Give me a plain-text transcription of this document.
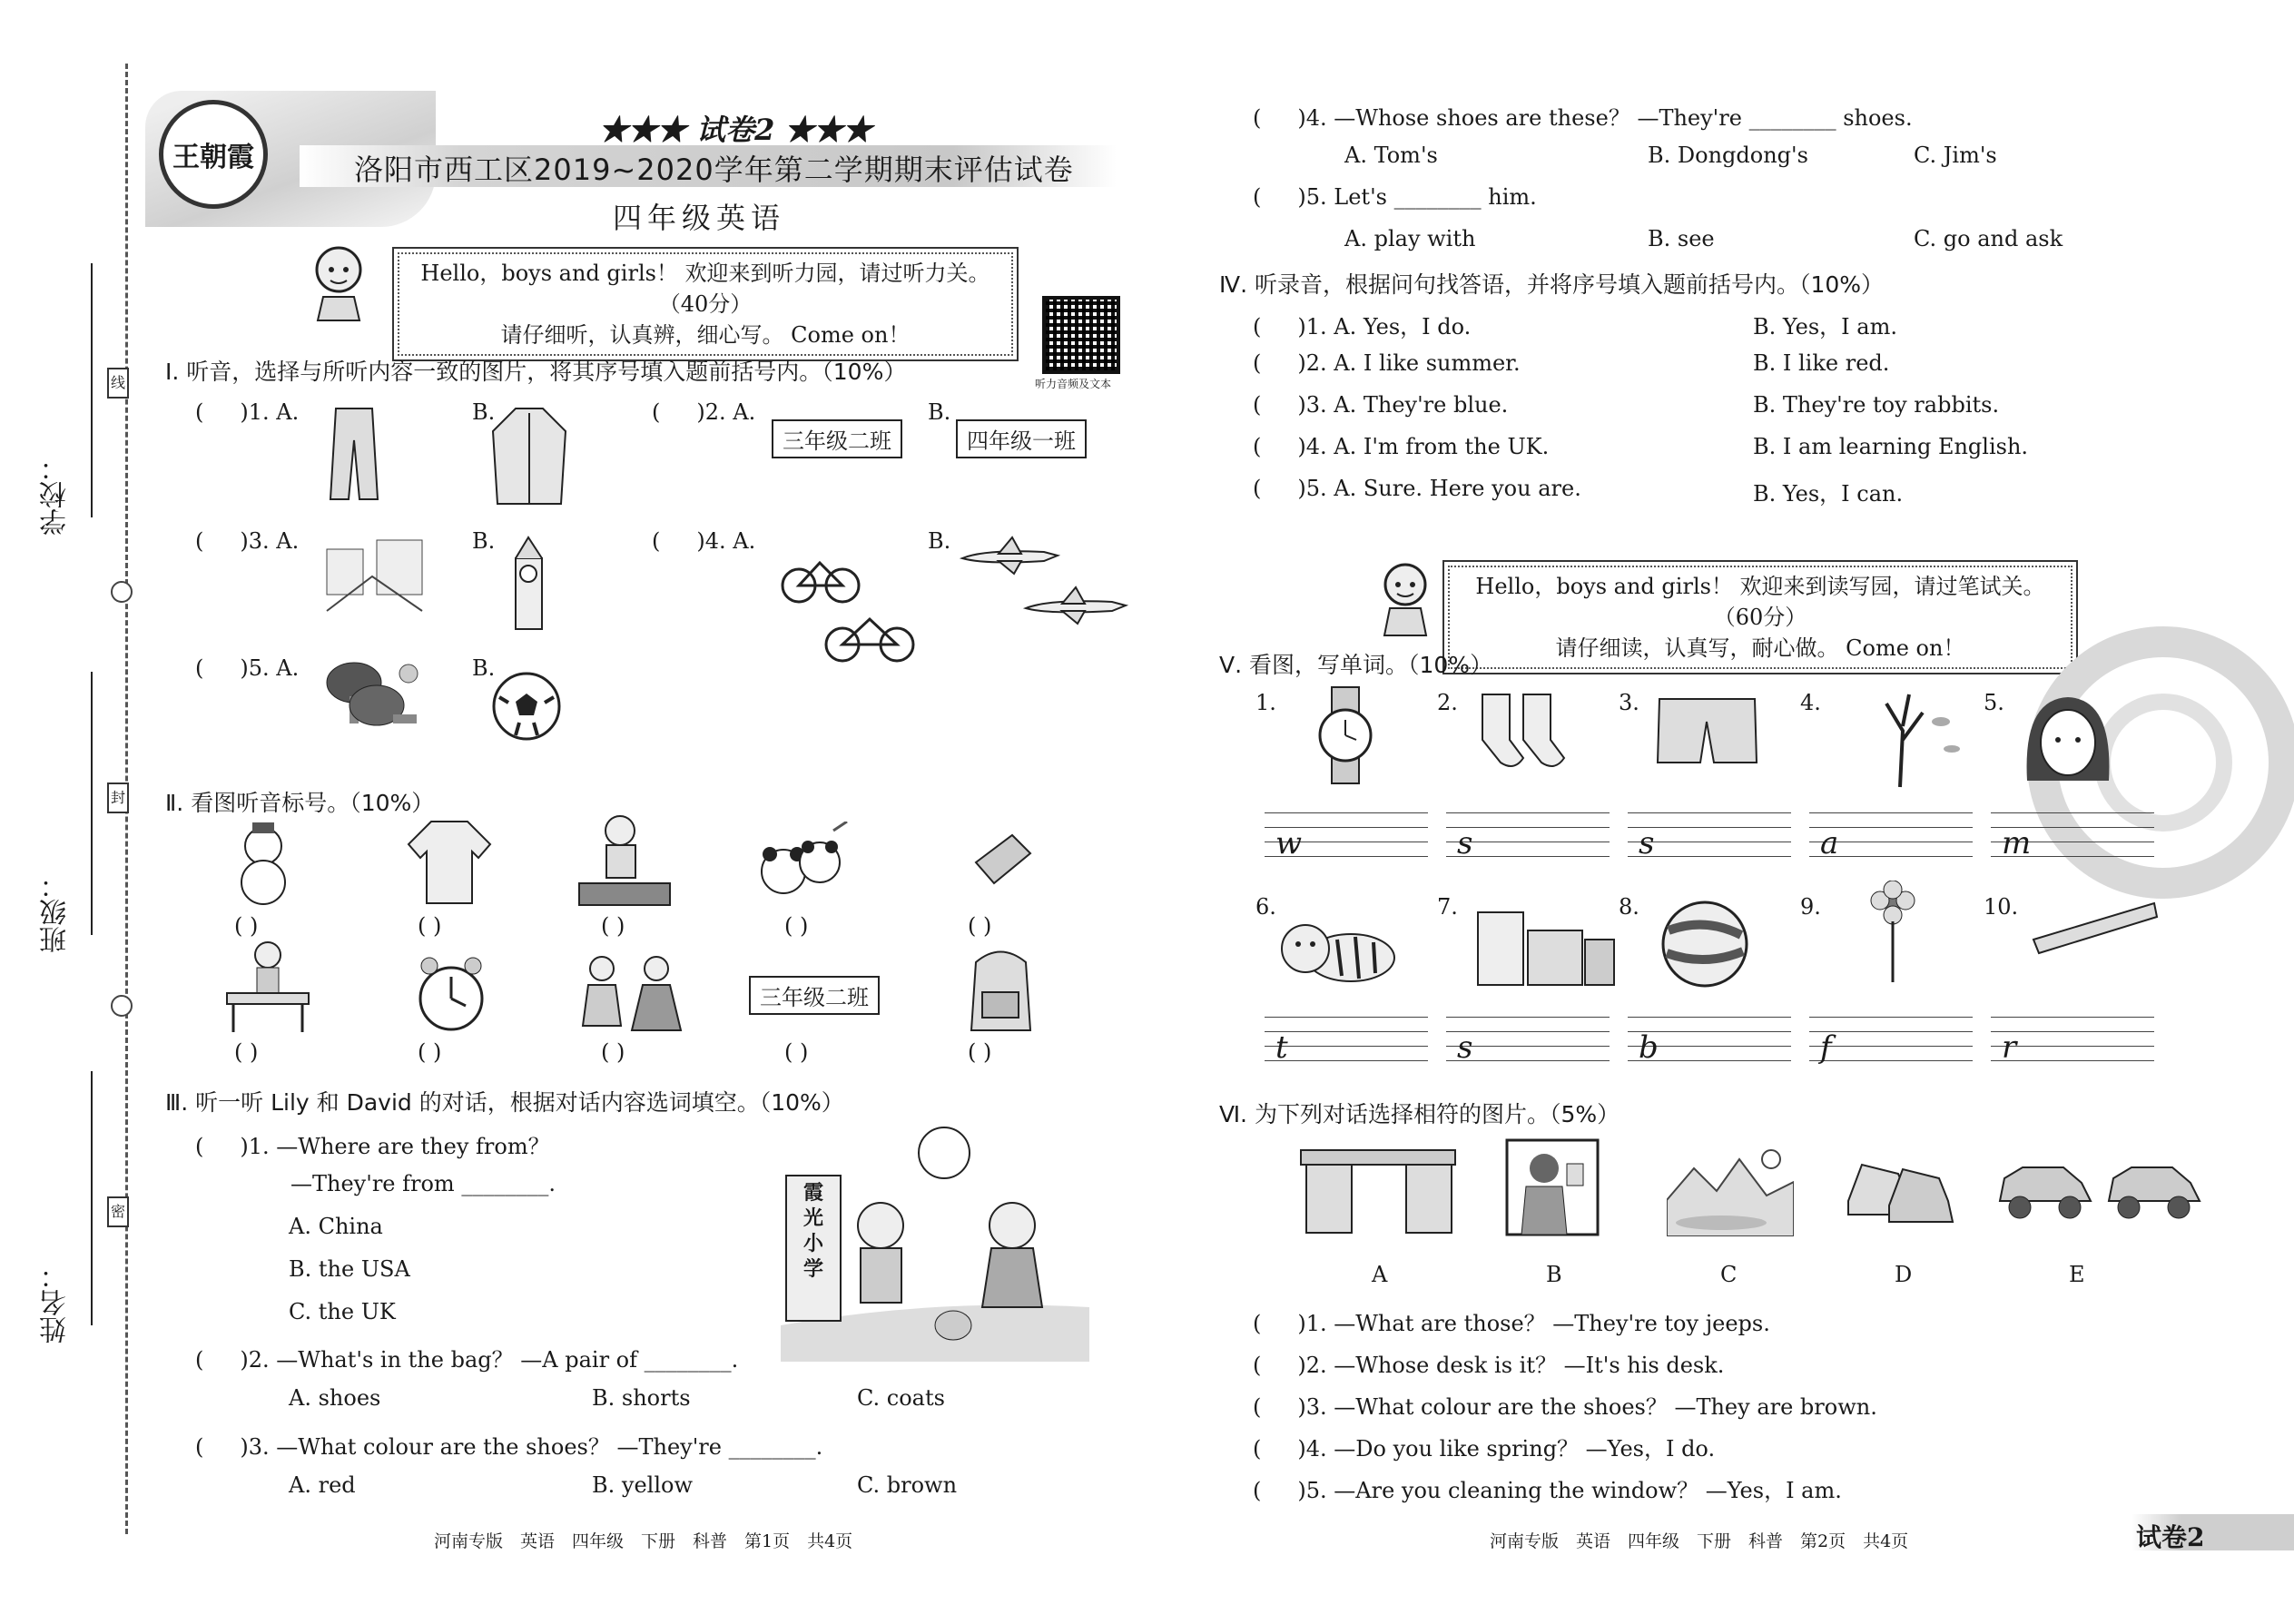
学校：
班级：
姓名：
线
封
密
王朝霞
★★★ 试卷2 ★★★
洛阳市西工区2019~2020学年第二学期期末评估试卷
四年级英语
Hello，boys and girls！ 欢迎来到听力园，请过听力关。（40分）
请仔细听，认真辨，细心写。 Come on！
听力音频及文本
Ⅰ. 听音，选择与所听内容一致的图片，将其序号填入题前括号内。（10%）
( )1. A.	B.	( )2. A.
三年级二班
B.
四年级一班
( )3. A.	B.	( )4. A.	B.
( )5. A.	B.
Ⅱ. 看图听音标号。（10%）
( )	( )	( )	( )	( )
三年级二班
( )	( )	( )	( )	( )
Ⅲ. 听一听 Lily 和 David 的对话，根据对话内容选词填空。（10%）
( )1. —Where are they from？
—They're from ________.
A. China
B. the USA
C. the UK
霞光小学
( )2. —What's in the bag？ —A pair of ________.
A. shoes	B. shorts	C. coats
( )3. —What colour are the shoes？ —They're ________.
A. red	B. yellow	C. brown
河南专版　英语　四年级　下册　科普　第1页　共4页
( )4. —Whose shoes are these？ —They're ________ shoes.
A. Tom's	B. Dongdong's	C. Jim's
( )5. Let's ________ him.
A. play with	B. see	C. go and ask
Ⅳ. 听录音，根据问句找答语，并将序号填入题前括号内。（10%）
( )1. A. Yes，I do.	B. Yes，I am.
( )2. A. I like summer.	B. I like red.
( )3. A. They're blue.	B. They're toy rabbits.
( )4. A. I'm from the UK.	B. I am learning English.
( )5. A. Sure. Here you are.	B. Yes，I can.
Hello，boys and girls！ 欢迎来到读写园，请过笔试关。（60分）
请仔细读，认真写，耐心做。 Come on！
Ⅴ. 看图，写单词。（10%）
1.	2.	3.	4.	5.
w	s	s	a	m
6.	7.	8.	9.	10.
t	s	b	f	r
Ⅵ. 为下列对话选择相符的图片。（5%）
A	B	C	D	E
( )1. —What are those？ —They're toy jeeps.
( )2. —Whose desk is it？ —It's his desk.
( )3. —What colour are the shoes？ —They are brown.
( )4. —Do you like spring？ —Yes，I do.
( )5. —Are you cleaning the window？ —Yes，I am.
河南专版　英语　四年级　下册　科普　第2页　共4页	试卷2
